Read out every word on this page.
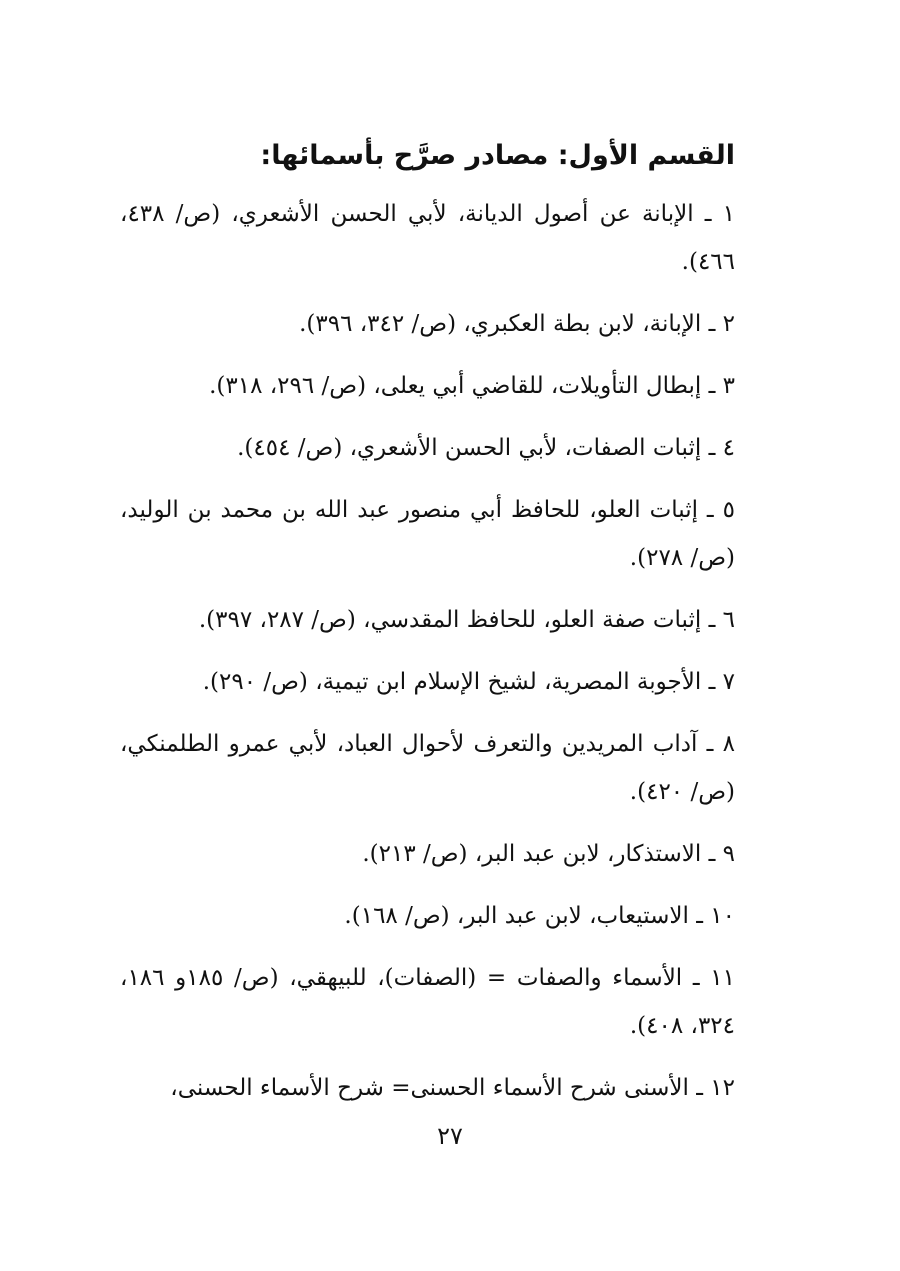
القسم الأول: مصادر صرَّح بأسمائها:
١ ـ الإبانة عن أصول الديانة، لأبي الحسن الأشعري، (ص/ ٤٣٨، ٤٦٦).
٢ ـ الإبانة، لابن بطة العكبري، (ص/ ٣٤٢، ٣٩٦).
٣ ـ إبطال التأويلات، للقاضي أبي يعلى، (ص/ ٢٩٦، ٣١٨).
٤ ـ إثبات الصفات، لأبي الحسن الأشعري، (ص/ ٤٥٤).
٥ ـ إثبات العلو، للحافظ أبي منصور عبد الله بن محمد بن الوليد، (ص/ ٢٧٨).
٦ ـ إثبات صفة العلو، للحافظ المقدسي، (ص/ ٢٨٧، ٣٩٧).
٧ ـ الأجوبة المصرية، لشيخ الإسلام ابن تيمية، (ص/ ٢٩٠).
٨ ـ آداب المريدين والتعرف لأحوال العباد، لأبي عمرو الطلمنكي، (ص/ ٤٢٠).
٩ ـ الاستذكار، لابن عبد البر، (ص/ ٢١٣).
١٠ ـ الاستيعاب، لابن عبد البر، (ص/ ١٦٨).
١١ ـ الأسماء والصفات = (الصفات)، للبيهقي، (ص/ ١٨٥و ١٨٦، ٣٢٤، ٤٠٨).
١٢ ـ الأسنى شرح الأسماء الحسنى= شرح الأسماء الحسنى،
٢٧
